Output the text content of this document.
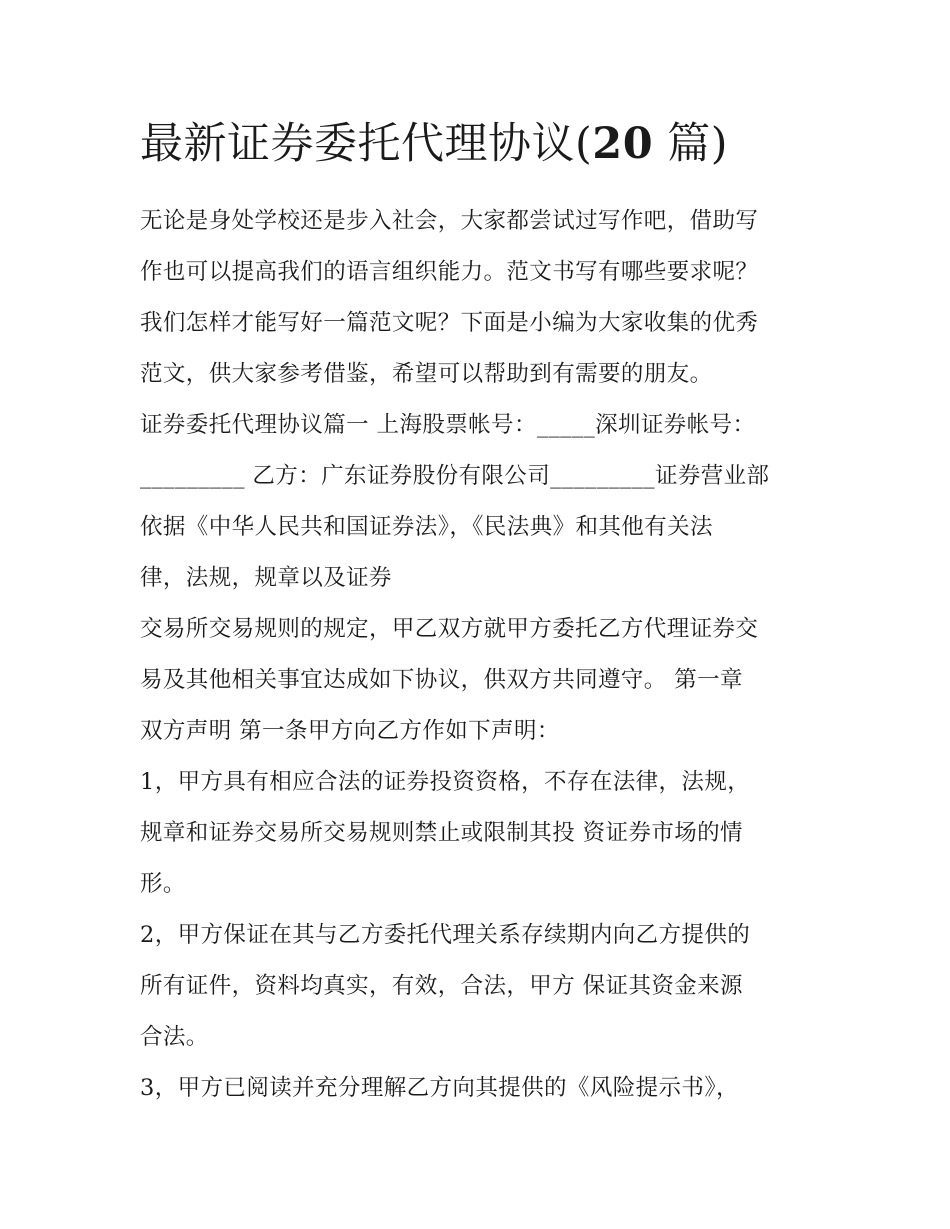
最新证券委托代理协议(20 篇)
无论是身处学校还是步入社会，大家都尝试过写作吧，借助写
作也可以提高我们的语言组织能力。范文书写有哪些要求呢？
我们怎样才能写好一篇范文呢？下面是小编为大家收集的优秀
范文，供大家参考借鉴，希望可以帮助到有需要的朋友。
证券委托代理协议篇一 上海股票帐号：_____深圳证券帐号：
_________ 乙方：广东证券股份有限公司_________证券营业部
依据《中华人民共和国证券法》，《民法典》和其他有关法
律，法规，规章以及证券
交易所交易规则的规定，甲乙双方就甲方委托乙方代理证券交
易及其他相关事宜达成如下协议，供双方共同遵守。 第一章
双方声明 第一条甲方向乙方作如下声明：
1，甲方具有相应合法的证券投资资格，不存在法律，法规，
规章和证券交易所交易规则禁止或限制其投 资证券市场的情
形。
2，甲方保证在其与乙方委托代理关系存续期内向乙方提供的
所有证件，资料均真实，有效，合法，甲方 保证其资金来源
合法。
3，甲方已阅读并充分理解乙方向其提供的《风险提示书》，
